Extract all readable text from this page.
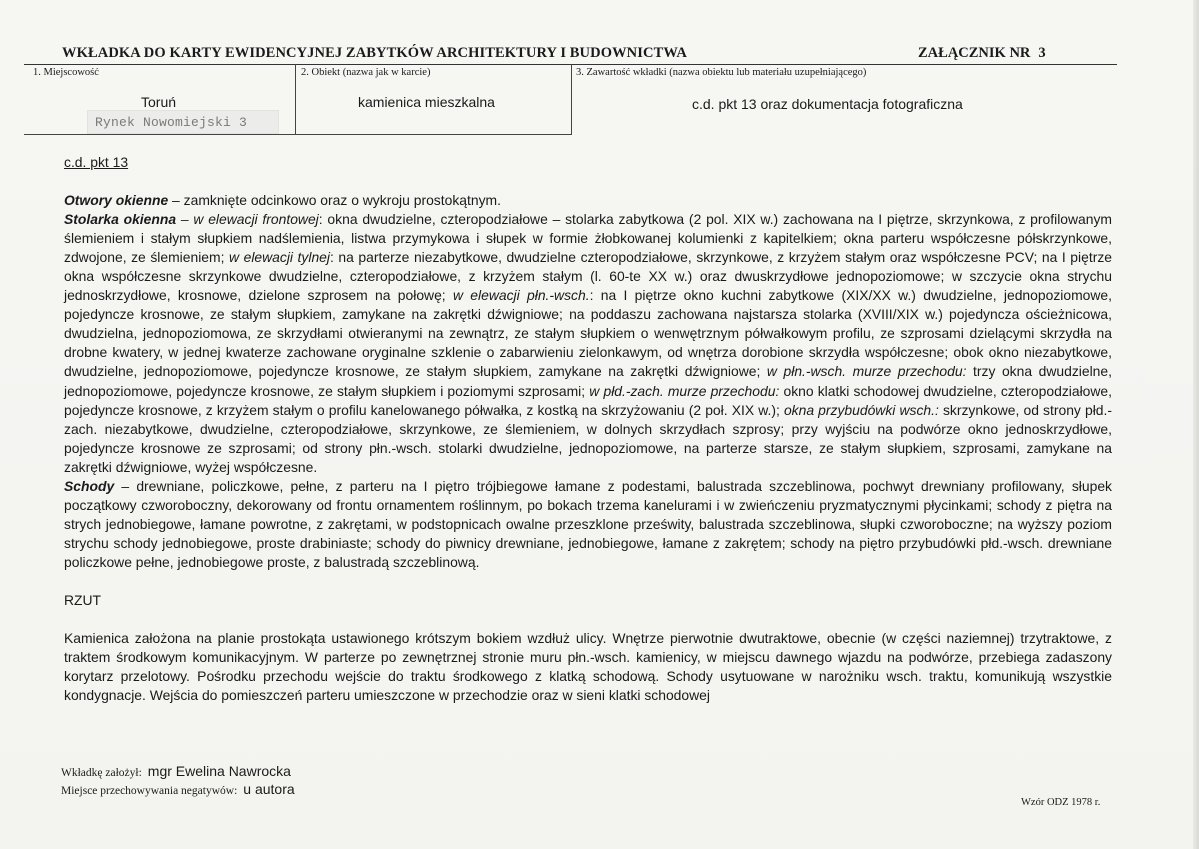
WKŁADKA DO KARTY EWIDENCYJNEJ ZABYTKÓW ARCHITEKTURY I BUDOWNICTWA	ZAŁĄCZNIK NR 3
1. Miejscowość	2. Obiekt (nazwa jak w karcie)	3. Zawartość wkładki (nazwa obiektu lub materiału uzupełniającego)
Toruń	kamienica mieszkalna	c.d. pkt 13 oraz dokumentacja fotograficzna
Rynek Nowomiejski 3

c.d. pkt 13

Otwory okienne – zamknięte odcinkowo oraz o wykroju prostokątnym.

Stolarka okienna – w elewacji frontowej: okna dwudzielne, czteropodziałowe – stolarka zabytkowa (2 pol. XIX w.) zachowana na I piętrze, skrzynkowa, z profilowanym ślemieniem i stałym słupkiem nadślemienia, listwa przymykowa i słupek w formie żłobkowanej kolumienki z kapitelkiem; okna parteru współczesne półskrzynkowe, zdwojone, ze ślemieniem; w elewacji tylnej: na parterze niezabytkowe, dwudzielne czteropodziałowe, skrzynkowe, z krzyżem stałym oraz współczesne PCV; na I piętrze okna współczesne skrzynkowe dwudzielne, czteropodziałowe, z krzyżem stałym (l. 60-te XX w.) oraz dwuskrzydłowe jednopoziomowe; w szczycie okna strychu jednoskrzydłowe, krosnowe, dzielone szprosem na połowę; w elewacji płn.-wsch.: na I piętrze okno kuchni zabytkowe (XIX/XX w.) dwudzielne, jednopoziomowe, pojedyncze krosnowe, ze stałym słupkiem, zamykane na zakrętki dźwigniowe; na poddaszu zachowana najstarsza stolarka (XVIII/XIX w.) pojedyncza ościeżnicowa, dwudzielna, jednopoziomowa, ze skrzydłami otwieranymi na zewnątrz, ze stałym słupkiem o wenwętrznym półwałkowym profilu, ze szprosami dzielącymi skrzydła na drobne kwatery, w jednej kwaterze zachowane oryginalne szklenie o zabarwieniu zielonkawym, od wnętrza dorobione skrzydła współczesne; obok okno niezabytkowe, dwudzielne, jednopoziomowe, pojedyncze krosnowe, ze stałym słupkiem, zamykane na zakrętki dźwigniowe; w płn.-wsch. murze przechodu: trzy okna dwudzielne, jednopoziomowe, pojedyncze krosnowe, ze stałym słupkiem i poziomymi szprosami; w płd.-zach. murze przechodu: okno klatki schodowej dwudzielne, czteropodziałowe, pojedyncze krosnowe, z krzyżem stałym o profilu kanelowanego półwałka, z kostką na skrzyżowaniu (2 poł. XIX w.); okna przybudówki wsch.: skrzynkowe, od strony płd.-zach. niezabytkowe, dwudzielne, czteropodziałowe, skrzynkowe, ze ślemieniem, w dolnych skrzydłach szprosy; przy wyjściu na podwórze okno jednoskrzydłowe, pojedyncze krosnowe ze szprosami; od strony płn.-wsch. stolarki dwudzielne, jednopoziomowe, na parterze starsze, ze stałym słupkiem, szprosami, zamykane na zakrętki dźwigniowe, wyżej współczesne.

Schody – drewniane, policzkowe, pełne, z parteru na I piętro trójbiegowe łamane z podestami, balustrada szczeblinowa, pochwyt drewniany profilowany, słupek początkowy czworoboczny, dekorowany od frontu ornamentem roślinnym, po bokach trzema kanelurami i w zwieńczeniu pryzmatycznymi płycinkami; schody z piętra na strych jednobiegowe, łamane powrotne, z zakrętami, w podstopnicach owalne przeszklone prześwity, balustrada szczeblinowa, słupki czworoboczne; na wyższy poziom strychu schody jednobiegowe, proste drabiniaste; schody do piwnicy drewniane, jednobiegowe, łamane z zakrętem; schody na piętro przybudówki płd.-wsch. drewniane policzkowe pełne, jednobiegowe proste, z balustradą szczeblinową.

RZUT

Kamienica założona na planie prostokąta ustawionego krótszym bokiem wzdłuż ulicy. Wnętrze pierwotnie dwutraktowe, obecnie (w części naziemnej) trzytraktowe, z traktem środkowym komunikacyjnym. W parterze po zewnętrznej stronie muru płn.-wsch. kamienicy, w miejscu dawnego wjazdu na podwórze, przebiega zadaszony korytarz przelotowy. Pośrodku przechodu wejście do traktu środkowego z klatką schodową. Schody usytuowane w narożniku wsch. traktu, komunikują wszystkie kondygnacje. Wejścia do pomieszczeń parteru umieszczone w przechodzie oraz w sieni klatki schodowej

Wkładkę założył: mgr Ewelina Nawrocka
Miejsce przechowywania negatywów: u autora
Wzór ODZ 1978 r.
